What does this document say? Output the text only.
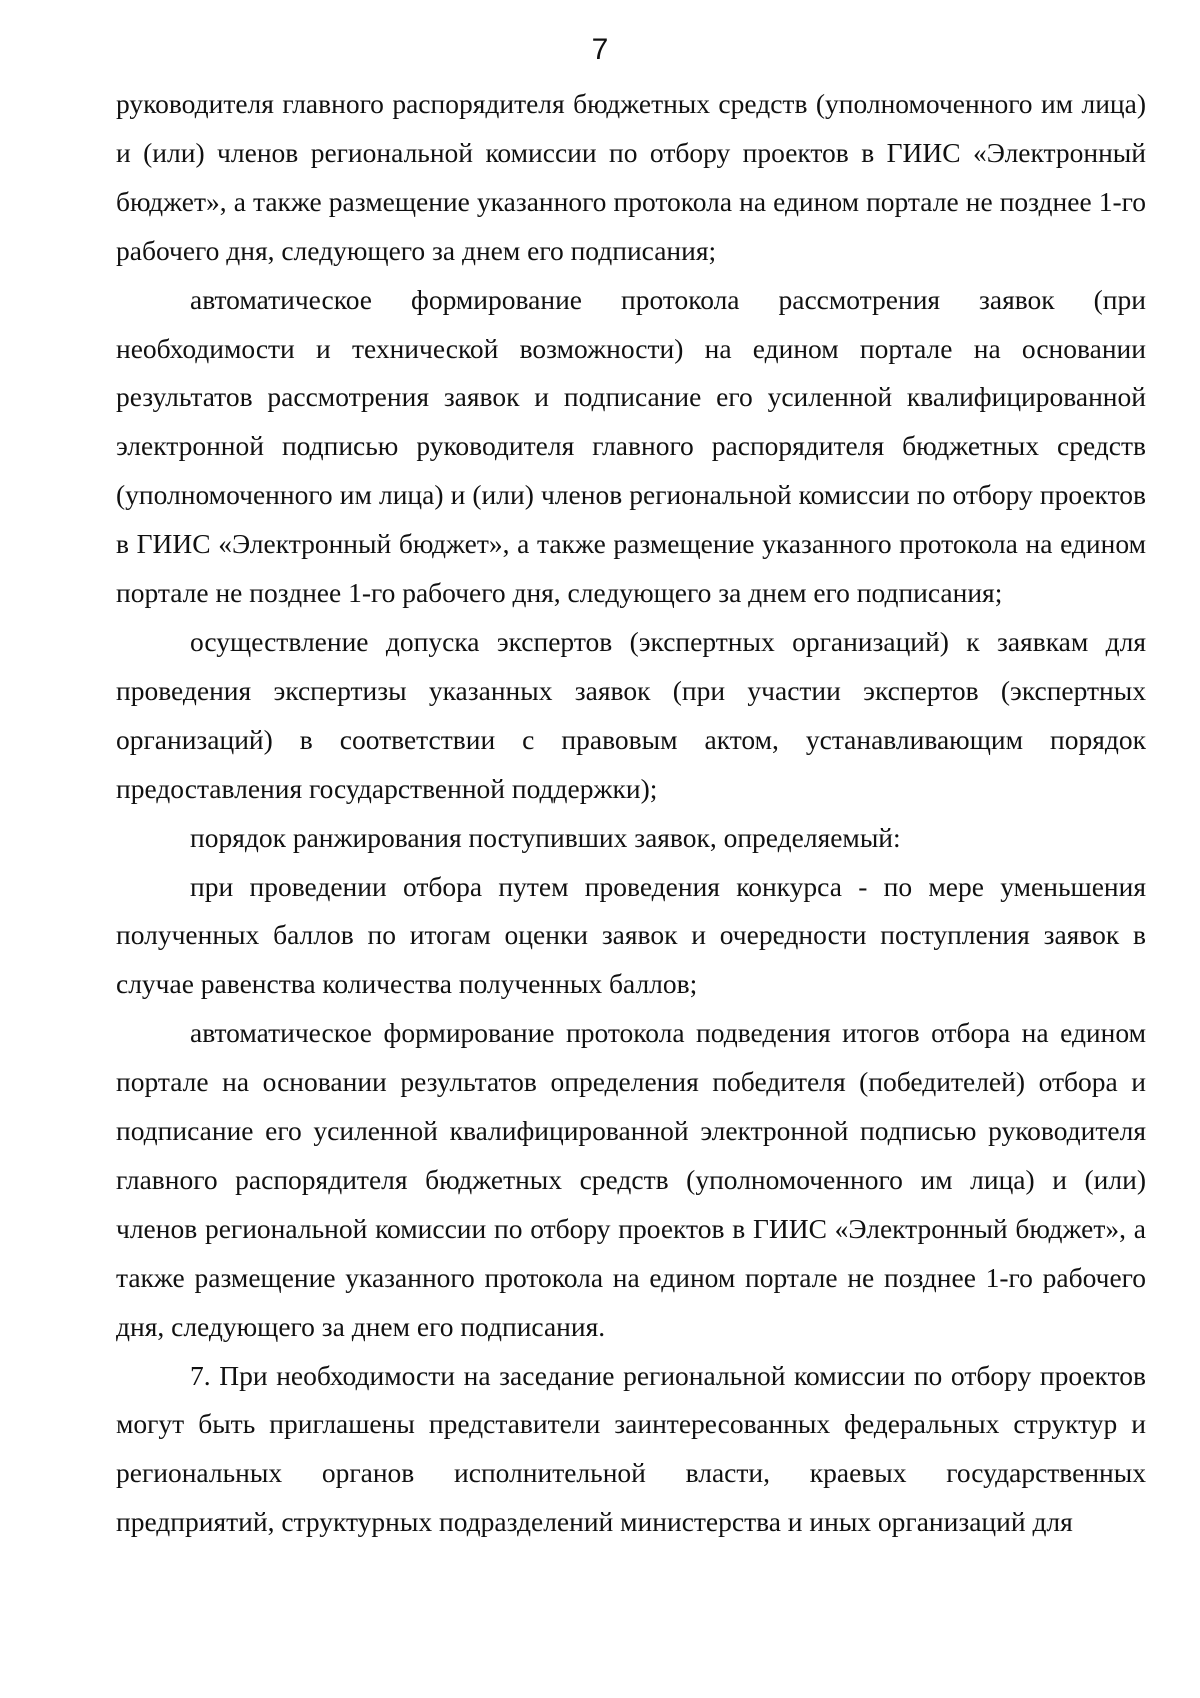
7

руководителя главного распорядителя бюджетных средств (уполномоченного им лица) и (или) членов региональной комиссии по отбору проектов в ГИИС «Электронный бюджет», а также размещение указанного протокола на едином портале не позднее 1-го рабочего дня, следующего за днем его подписания;

автоматическое формирование протокола рассмотрения заявок (при необходимости и технической возможности) на едином портале на основании результатов рассмотрения заявок и подписание его усиленной квалифицированной электронной подписью руководителя главного распорядителя бюджетных средств (уполномоченного им лица) и (или) членов региональной комиссии по отбору проектов в ГИИС «Электронный бюджет», а также размещение указанного протокола на едином портале не позднее 1-го рабочего дня, следующего за днем его подписания;

осуществление допуска экспертов (экспертных организаций) к заявкам для проведения экспертизы указанных заявок (при участии экспертов (экспертных организаций) в соответствии с правовым актом, устанавливающим порядок предоставления государственной поддержки);

порядок ранжирования поступивших заявок, определяемый:

при проведении отбора путем проведения конкурса - по мере уменьшения полученных баллов по итогам оценки заявок и очередности поступления заявок в случае равенства количества полученных баллов;

автоматическое формирование протокола подведения итогов отбора на едином портале на основании результатов определения победителя (победителей) отбора и подписание его усиленной квалифицированной электронной подписью руководителя главного распорядителя бюджетных средств (уполномоченного им лица) и (или) членов региональной комиссии по отбору проектов в ГИИС «Электронный бюджет», а также размещение указанного протокола на едином портале не позднее 1-го рабочего дня, следующего за днем его подписания.

7. При необходимости на заседание региональной комиссии по отбору проектов могут быть приглашены представители заинтересованных федеральных структур и региональных органов исполнительной власти, краевых государственных предприятий, структурных подразделений министерства и иных организаций для
